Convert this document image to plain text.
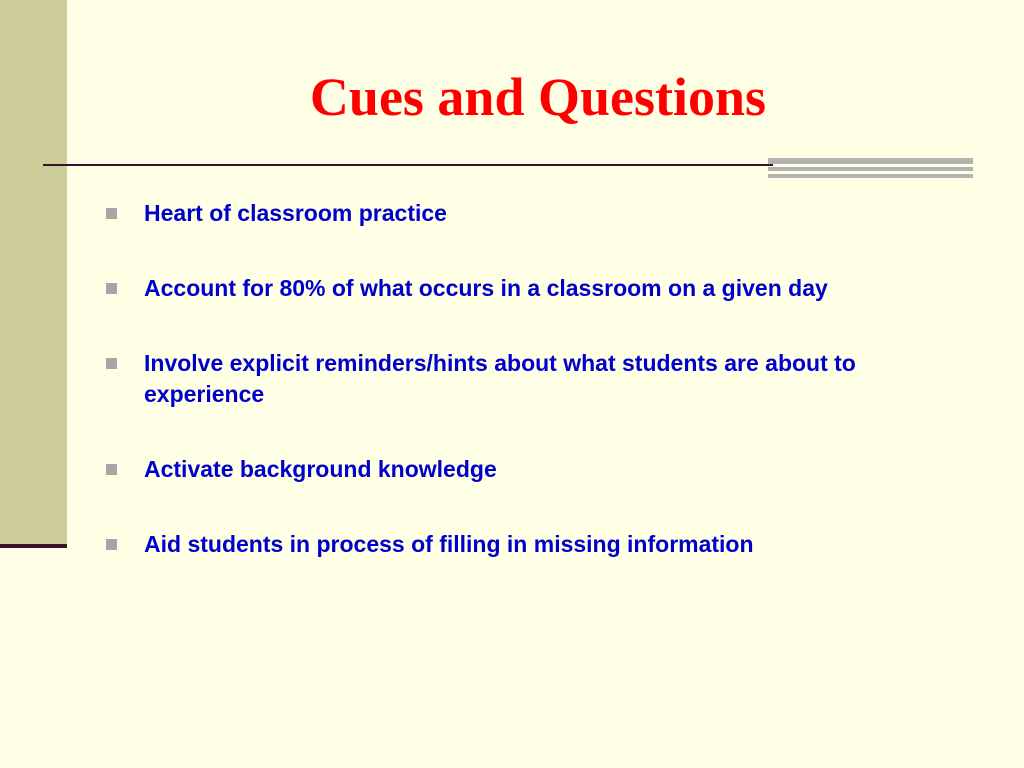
Cues and Questions
Heart of classroom practice
Account for 80% of what occurs in a classroom on a given day
Involve explicit reminders/hints about what students are about to experience
Activate background knowledge
Aid students in process of filling in missing information
